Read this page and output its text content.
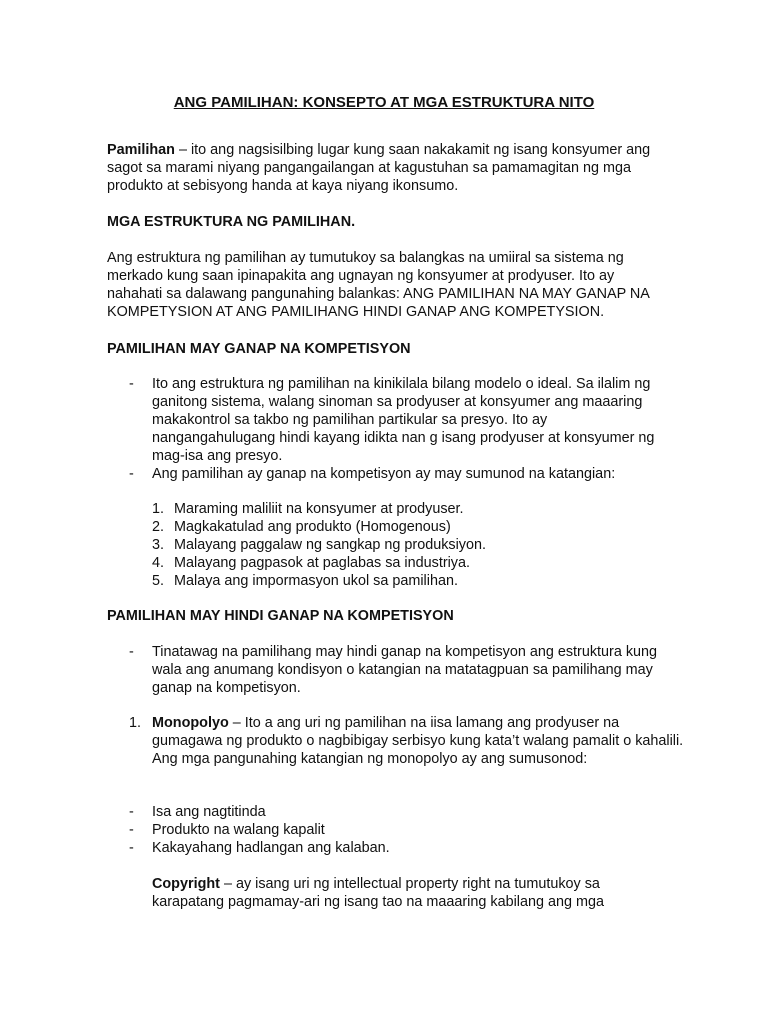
ANG PAMILIHAN: KONSEPTO AT MGA ESTRUKTURA NITO

Pamilihan – ito ang nagsisilbing lugar kung saan nakakamit ng isang konsyumer ang sagot sa marami niyang pangangailangan at kagustuhan sa pamamagitan ng mga produkto at sebisyong handa at kaya niyang ikonsumo.

MGA ESTRUKTURA NG PAMILIHAN.

Ang estruktura ng pamilihan ay tumutukoy sa balangkas na umiiral sa sistema ng merkado kung saan ipinapakita ang ugnayan ng konsyumer at prodyuser. Ito ay nahahati sa dalawang pangunahing balankas: ANG PAMILIHAN NA MAY GANAP NA KOMPETYSION AT ANG PAMILIHANG HINDI GANAP ANG KOMPETYSION.

PAMILIHAN MAY GANAP NA KOMPETISYON
- Ito ang estruktura ng pamilihan na kinikilala bilang modelo o ideal. Sa ilalim ng ganitong sistema, walang sinoman sa prodyuser at konsyumer ang maaaring makakontrol sa takbo ng pamilihan partikular sa presyo. Ito ay nangangahulugang hindi kayang idikta nan g isang prodyuser at konsyumer ng mag-isa ang presyo.
- Ang pamilihan ay ganap na kompetisyon ay may sumunod na katangian:
1. Maraming maliliit na konsyumer at prodyuser.
2. Magkakatulad ang produkto (Homogenous)
3. Malayang paggalaw ng sangkap ng produksiyon.
4. Malayang pagpasok at paglabas sa industriya.
5. Malaya ang impormasyon ukol sa pamilihan.
PAMILIHAN MAY HINDI GANAP NA KOMPETISYON
- Tinatawag na pamilihang may hindi ganap na kompetisyon ang estruktura kung wala ang anumang kondisyon o katangian na matatagpuan sa pamilihang may ganap na kompetisyon.
1. Monopolyo – Ito a ang uri ng pamilihan na iisa lamang ang prodyuser na gumagawa ng produkto o nagbibigay serbisyo kung kata’t walang pamalit o kahalili. Ang mga pangunahing katangian ng monopolyo ay ang sumusonod:
- Isa ang nagtitinda
- Produkto na walang kapalit
- Kakayahang hadlangan ang kalaban.

Copyright – ay isang uri ng intellectual property right na tumutukoy sa karapatang pagmamay-ari ng isang tao na maaaring kabilang ang mga
